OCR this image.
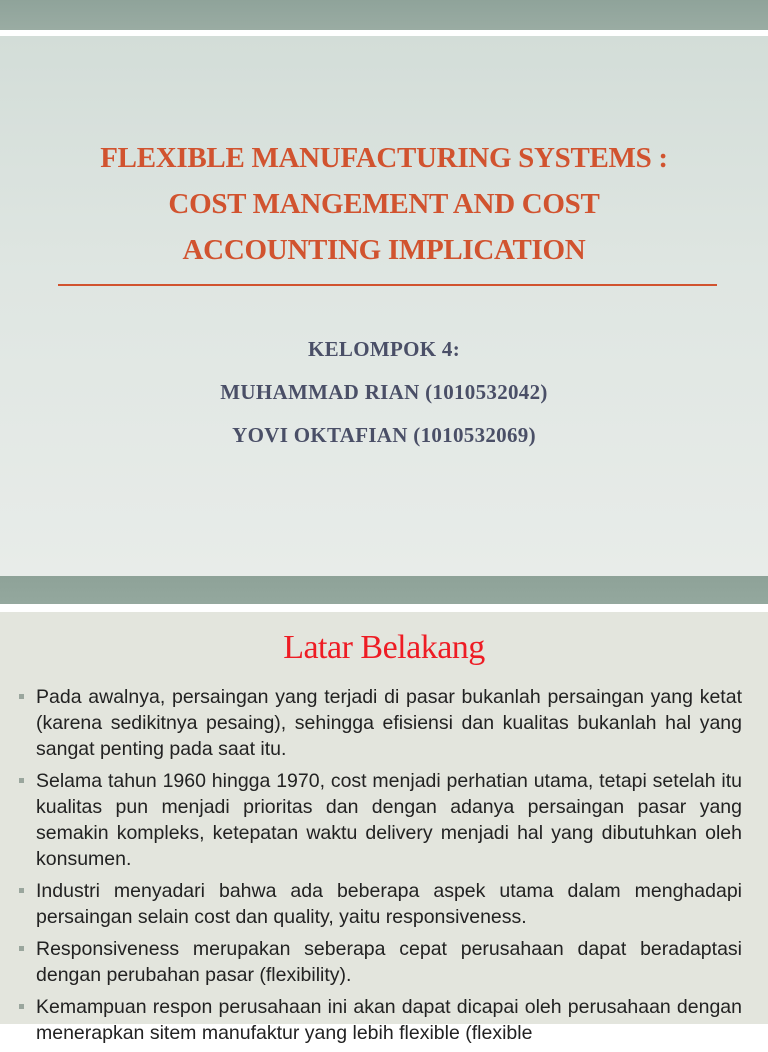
FLEXIBLE MANUFACTURING SYSTEMS :
COST MANGEMENT AND COST
ACCOUNTING IMPLICATION
KELOMPOK 4:
MUHAMMAD RIAN (1010532042)
YOVI OKTAFIAN (1010532069)
Latar Belakang
Pada awalnya, persaingan yang terjadi di pasar bukanlah persaingan yang ketat (karena sedikitnya pesaing), sehingga efisiensi dan kualitas bukanlah hal yang sangat penting pada saat itu.
Selama tahun 1960 hingga 1970, cost menjadi perhatian utama, tetapi setelah itu kualitas pun menjadi prioritas dan dengan adanya persaingan pasar yang semakin kompleks, ketepatan waktu delivery menjadi hal yang dibutuhkan oleh konsumen.
Industri menyadari bahwa ada beberapa aspek utama dalam menghadapi persaingan selain cost dan quality, yaitu responsiveness.
Responsiveness merupakan seberapa cepat perusahaan dapat beradaptasi dengan perubahan pasar (flexibility).
Kemampuan respon perusahaan ini akan dapat dicapai oleh perusahaan dengan menerapkan sitem manufaktur yang lebih flexible (flexible
